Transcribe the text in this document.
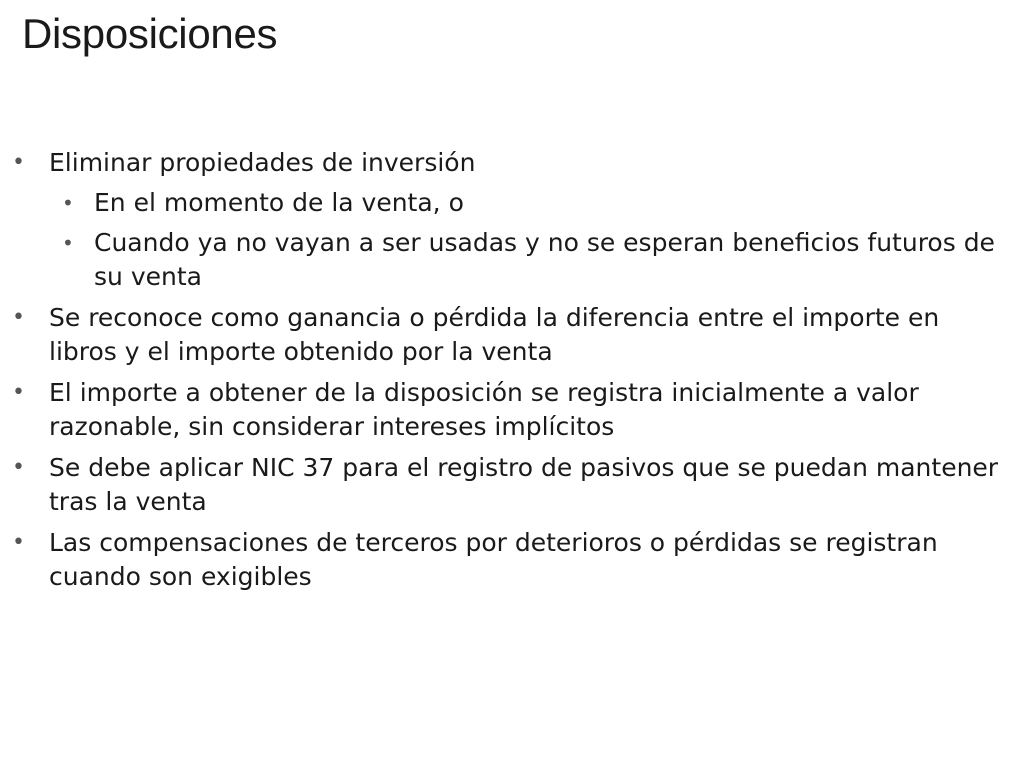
Disposiciones
• Eliminar propiedades de inversión
• En el momento de la venta, o
• Cuando ya no vayan a ser usadas y no se esperan beneficios futuros de su venta
• Se reconoce como ganancia o pérdida la diferencia entre el importe en libros y el importe obtenido por la venta
• El importe a obtener de la disposición se registra inicialmente a valor razonable, sin considerar intereses implícitos
• Se debe aplicar NIC 37 para el registro de pasivos que se puedan mantener tras la venta
• Las compensaciones de terceros por deterioros o pérdidas se registran cuando son exigibles
